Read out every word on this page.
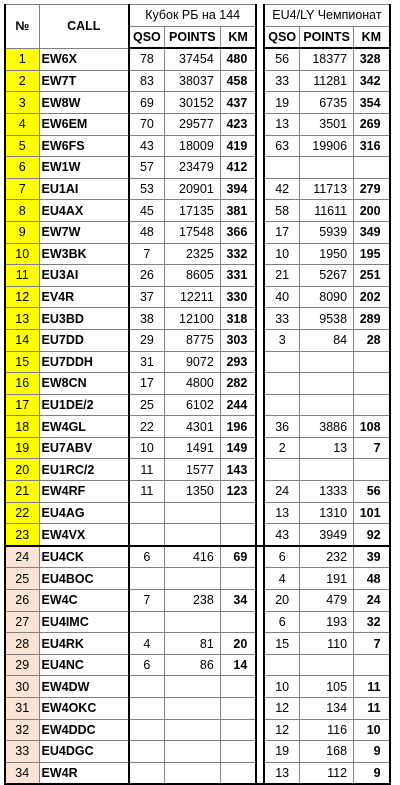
№	CALL	Кубок РБ на 144				EU4/LY Чемпионат		
		QSO	POINTS	KM		QSO	POINTS	KM
1	EW6X	78	37454	480		56	18377	328
2	EW7T	83	38037	458		33	11281	342
3	EW8W	69	30152	437		19	6735	354
4	EW6EM	70	29577	423		13	3501	269
5	EW6FS	43	18009	419		63	19906	316
6	EW1W	57	23479	412				
7	EU1AI	53	20901	394		42	11713	279
8	EU4AX	45	17135	381		58	11611	200
9	EW7W	48	17548	366		17	5939	349
10	EW3BK	7	2325	332		10	1950	195
11	EU3AI	26	8605	331		21	5267	251
12	EV4R	37	12211	330		40	8090	202
13	EU3BD	38	12100	318		33	9538	289
14	EU7DD	29	8775	303		3	84	28
15	EU7DDH	31	9072	293				
16	EW8CN	17	4800	282				
17	EU1DE/2	25	6102	244				
18	EW4GL	22	4301	196		36	3886	108
19	EU7ABV	10	1491	149		2	13	7
20	EU1RC/2	11	1577	143				
21	EW4RF	11	1350	123		24	1333	56
22	EU4AG					13	1310	101
23	EW4VX					43	3949	92
24	EU4CK	6	416	69		6	232	39
25	EU4BOC					4	191	48
26	EW4C	7	238	34		20	479	24
27	EU4IMC					6	193	32
28	EU4RK	4	81	20		15	110	7
29	EU4NC	6	86	14				
30	EW4DW					10	105	11
31	EW4OKC					12	134	11
32	EW4DDC					12	116	10
33	EU4DGC					19	168	9
34	EW4R					13	112	9
